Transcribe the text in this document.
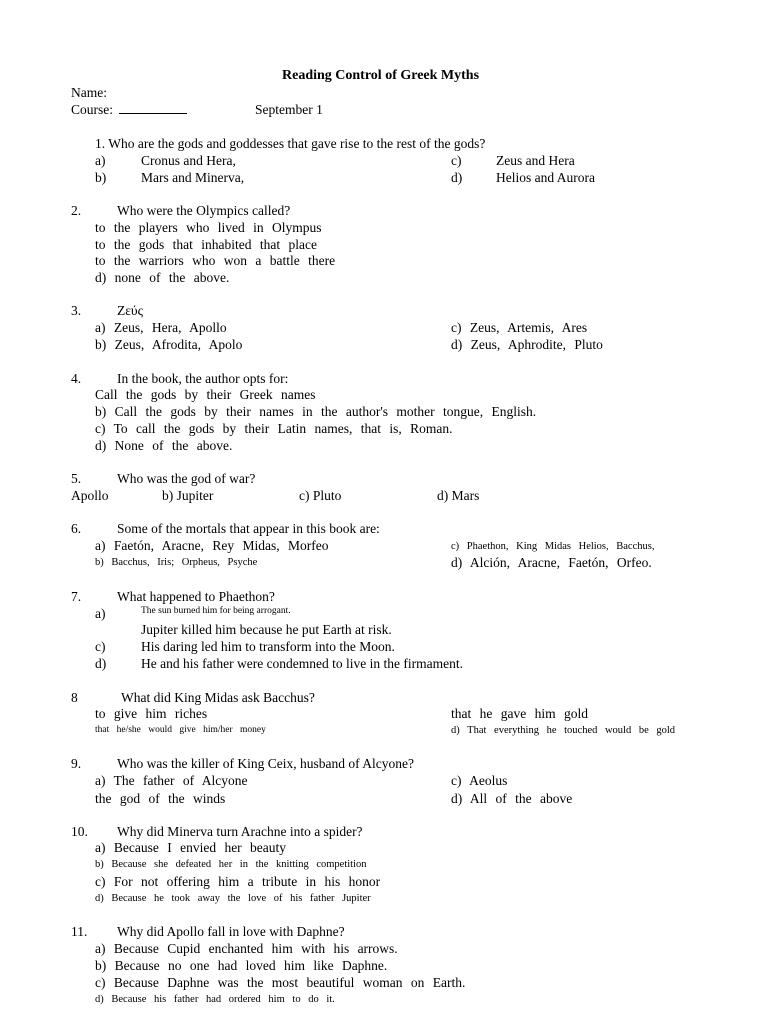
Reading Control of Greek Myths
Name:
Course:	September 1
1. Who are the gods and goddesses that gave rise to the rest of the gods?
a)	Cronus and Hera,
b)	Mars and Minerva,
c)	Zeus and Hera
d)	Helios and Aurora
2.	Who were the Olympics called?
to the players who lived in Olympus
to the gods that inhabited that place
to the warriors who won a battle there
d) none of the above.
3.	Ζεύς
a) Zeus, Hera, Apollo
b) Zeus, Afrodita, Apolo
c) Zeus, Artemis, Ares
d) Zeus, Aphrodite, Pluto
4.	In the book, the author opts for:
Call the gods by their Greek names
b) Call the gods by their names in the author's mother tongue, English.
c) To call the gods by their Latin names, that is, Roman.
d) None of the above.
5.	Who was the god of war?
Apollo	b) Jupiter	c) Pluto	d) Mars
6.	Some of the mortals that appear in this book are:
a) Faetón, Aracne, Rey Midas, Morfeo
b) Bacchus, Iris; Orpheus, Psyche
c) Phaethon, King Midas Helios, Bacchus,
d) Alción, Aracne, Faetón, Orfeo.
7.	What happened to Phaethon?
a)	The sun burned him for being arrogant.
Jupiter killed him because he put Earth at risk.
c)	His daring led him to transform into the Moon.
d)	He and his father were condemned to live in the firmament.
8	What did King Midas ask Bacchus?
to give him riches
that he/she would give him/her money
that he gave him gold
d) That everything he touched would be gold
9.	Who was the killer of King Ceix, husband of Alcyone?
a) The father of Alcyone
the god of the winds
c) Aeolus
d) All of the above
10. Why did Minerva turn Arachne into a spider?
a) Because I envied her beauty
b) Because she defeated her in the knitting competition
c) For not offering him a tribute in his honor
d) Because he took away the love of his father Jupiter
11. Why did Apollo fall in love with Daphne?
a) Because Cupid enchanted him with his arrows.
b) Because no one had loved him like Daphne.
c) Because Daphne was the most beautiful woman on Earth.
d) Because his father had ordered him to do it.
